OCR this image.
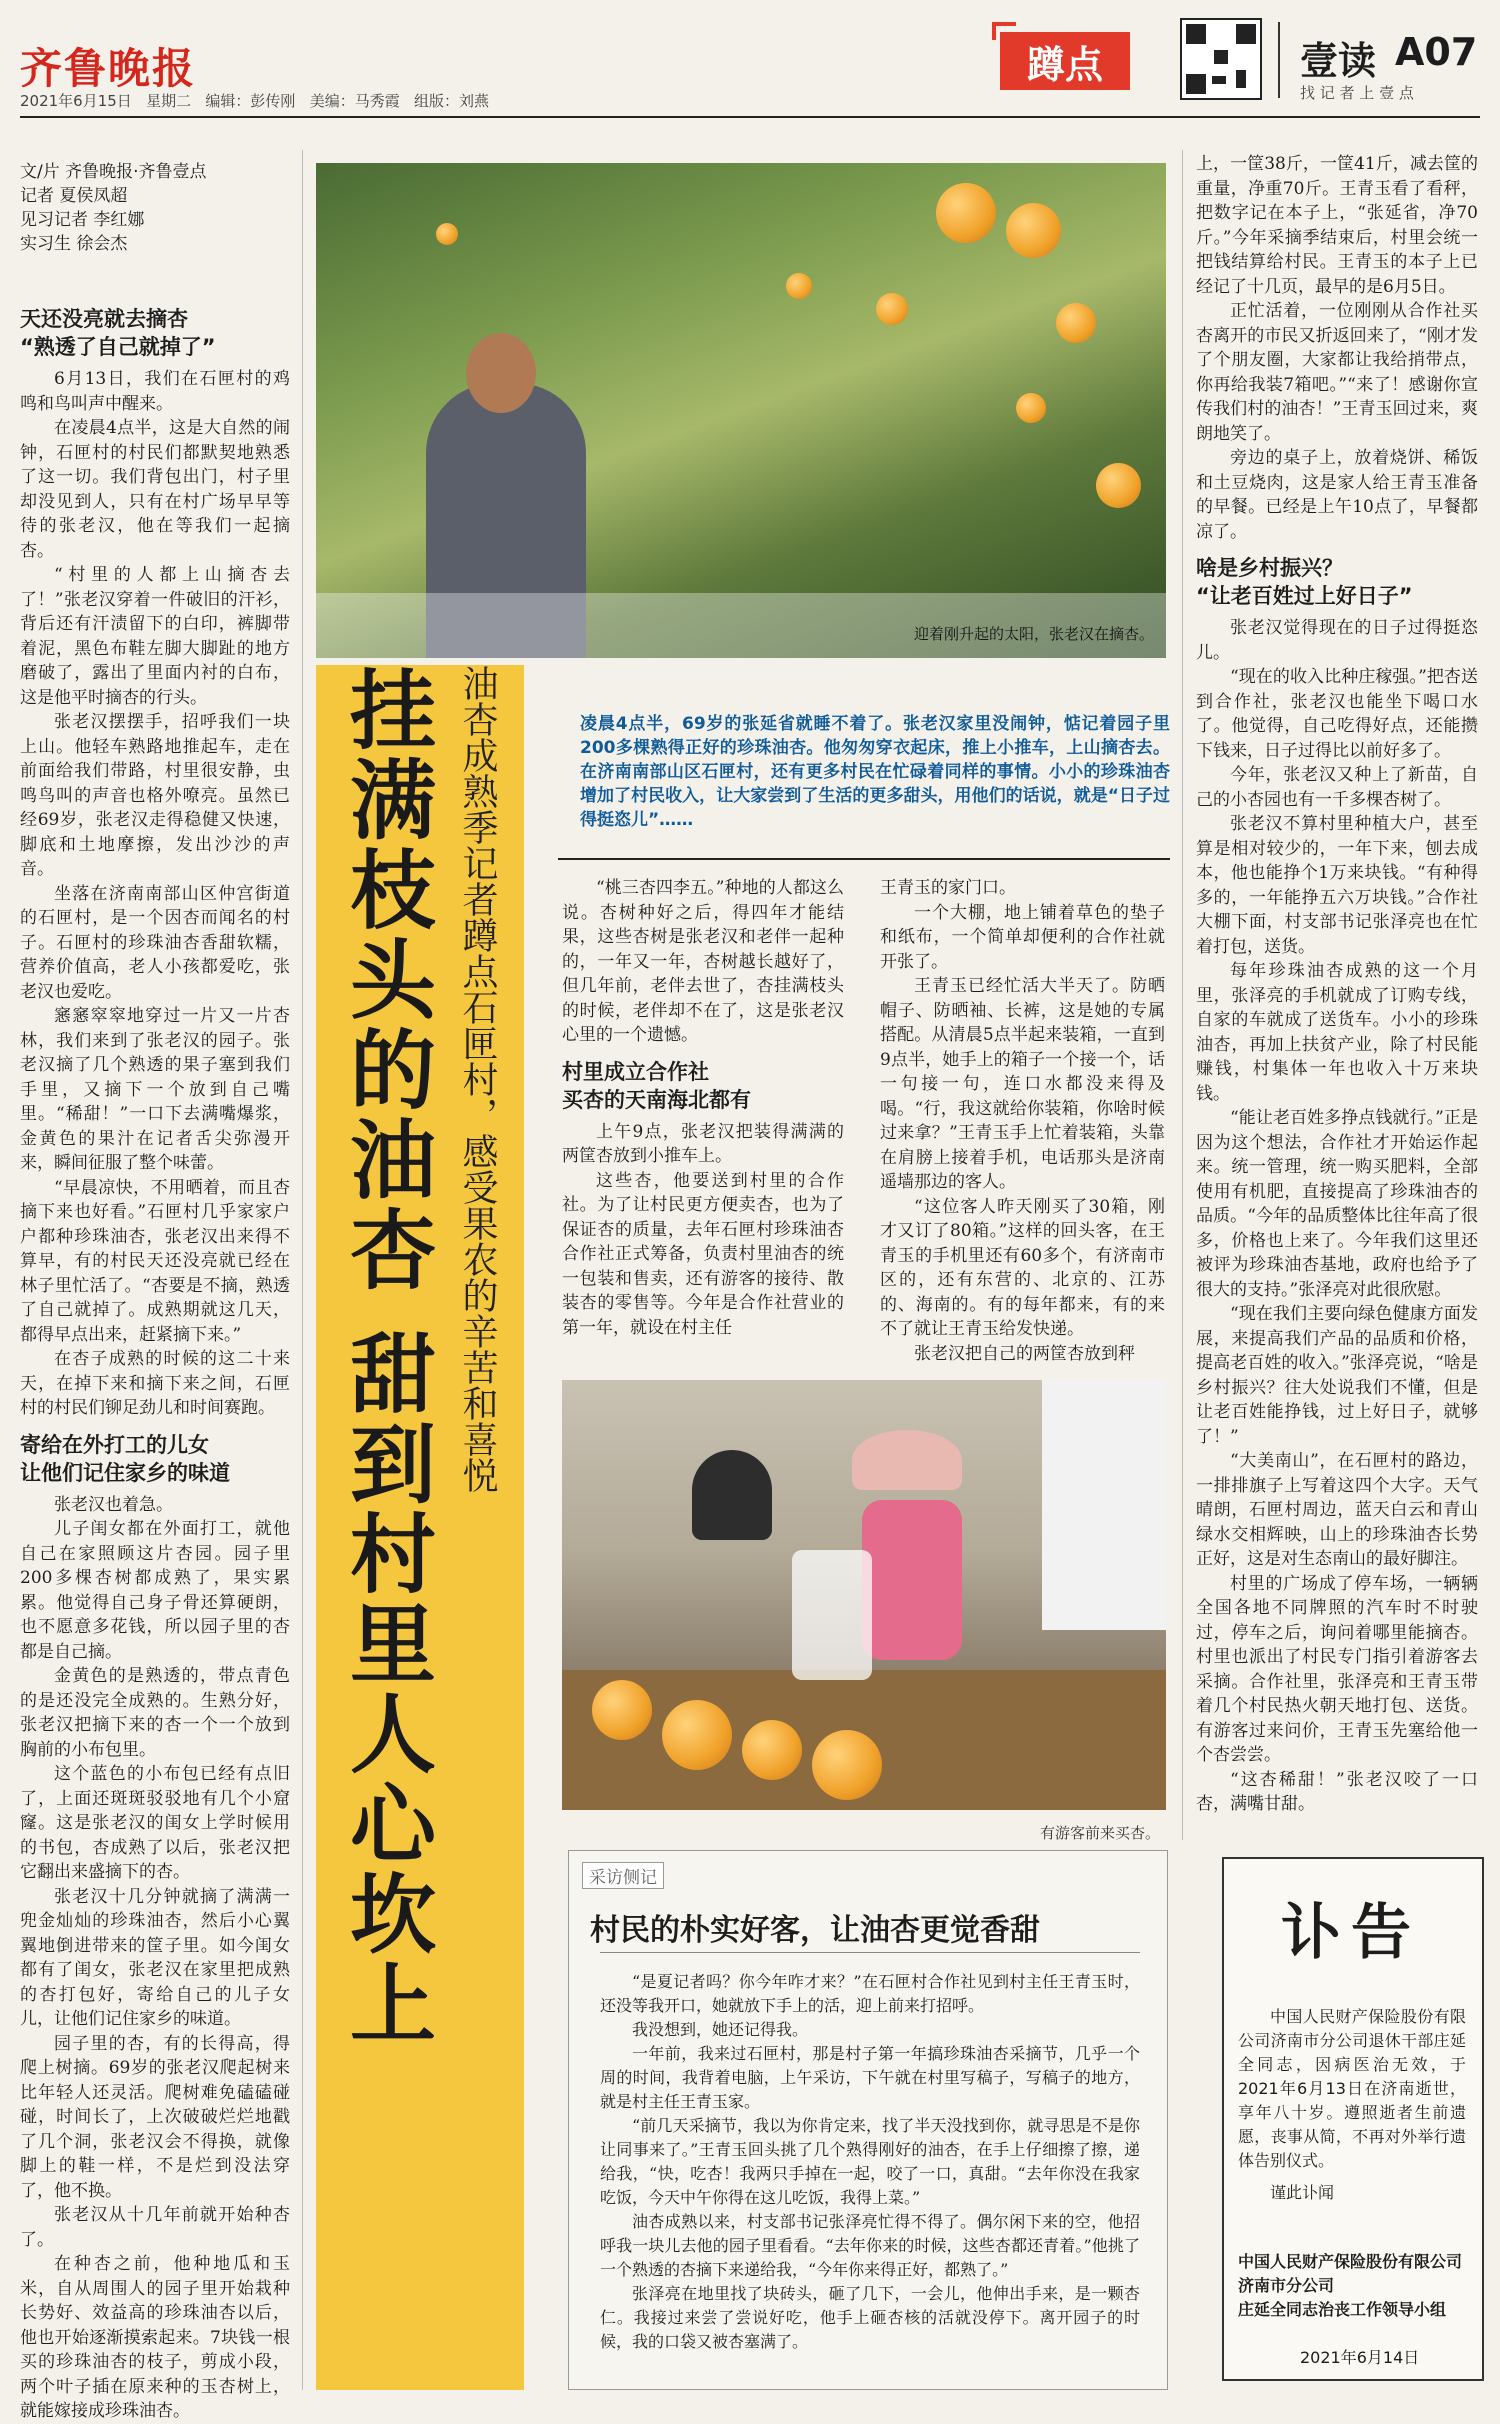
齐鲁晚报
2021年6月15日   星期二   编辑：彭传刚   美编：马秀霞   组版：刘燕
蹲点	壹读 A07
找 记 者 上 壹 点
文/片 齐鲁晚报·齐鲁壹点
记者 夏侯凤超
见习记者 李红娜
实习生 徐会杰
天还没亮就去摘杏
“熟透了自己就掉了”

6月13日，我们在石匣村的鸡鸣和鸟叫声中醒来。

在凌晨4点半，这是大自然的闹钟，石匣村的村民们都默契地熟悉了这一切。我们背包出门，村子里却没见到人，只有在村广场早早等待的张老汉，他在等我们一起摘杏。

“村里的人都上山摘杏去了！”张老汉穿着一件破旧的汗衫，背后还有汗渍留下的白印，裤脚带着泥，黑色布鞋左脚大脚趾的地方磨破了，露出了里面内衬的白布，这是他平时摘杏的行头。

张老汉摆摆手，招呼我们一块上山。他轻车熟路地推起车，走在前面给我们带路，村里很安静，虫鸣鸟叫的声音也格外嘹亮。虽然已经69岁，张老汉走得稳健又快速，脚底和土地摩擦，发出沙沙的声音。

坐落在济南南部山区仲宫街道的石匣村，是一个因杏而闻名的村子。石匣村的珍珠油杏香甜软糯，营养价值高，老人小孩都爱吃，张老汉也爱吃。

窸窸窣窣地穿过一片又一片杏林，我们来到了张老汉的园子。张老汉摘了几个熟透的果子塞到我们手里，又摘下一个放到自己嘴里。“稀甜！”一口下去满嘴爆浆，金黄色的果汁在记者舌尖弥漫开来，瞬间征服了整个味蕾。

“早晨凉快，不用晒着，而且杏摘下来也好看。”石匣村几乎家家户户都种珍珠油杏，张老汉出来得不算早，有的村民天还没亮就已经在林子里忙活了。“杏要是不摘，熟透了自己就掉了。成熟期就这几天，都得早点出来，赶紧摘下来。”

在杏子成熟的时候的这二十来天，在掉下来和摘下来之间，石匣村的村民们铆足劲儿和时间赛跑。

寄给在外打工的儿女
让他们记住家乡的味道

张老汉也着急。

儿子闺女都在外面打工，就他自己在家照顾这片杏园。园子里200多棵杏树都成熟了，果实累累。他觉得自己身子骨还算硬朗，也不愿意多花钱，所以园子里的杏都是自己摘。

金黄色的是熟透的，带点青色的是还没完全成熟的。生熟分好，张老汉把摘下来的杏一个一个放到胸前的小布包里。

这个蓝色的小布包已经有点旧了，上面还斑斑驳驳地有几个小窟窿。这是张老汉的闺女上学时候用的书包，杏成熟了以后，张老汉把它翻出来盛摘下的杏。

张老汉十几分钟就摘了满满一兜金灿灿的珍珠油杏，然后小心翼翼地倒进带来的筐子里。如今闺女都有了闺女，张老汉在家里把成熟的杏打包好，寄给自己的儿子女儿，让他们记住家乡的味道。

园子里的杏，有的长得高，得爬上树摘。69岁的张老汉爬起树来比年轻人还灵活。爬树难免磕磕碰碰，时间长了，上次破破烂烂地戳了几个洞，张老汉会不得换，就像脚上的鞋一样，不是烂到没法穿了，他不换。

张老汉从十几年前就开始种杏了。

在种杏之前，他种地瓜和玉米，自从周围人的园子里开始栽种长势好、效益高的珍珠油杏以后，他也开始逐渐摸索起来。7块钱一根买的珍珠油杏的枝子，剪成小段，两个叶子插在原来种的玉杏树上，就能嫁接成珍珠油杏。

迎着刚升起的太阳，张老汉在摘杏。
挂满枝头的油杏 甜到村里人心坎上 油杏成熟季记者蹲点石匣村，感受果农的辛苦和喜悦	凌晨4点半，69岁的张延省就睡不着了。张老汉家里没闹钟，惦记着园子里200多棵熟得正好的珍珠油杏。他匆匆穿衣起床，推上小推车，上山摘杏去。在济南南部山区石匣村，还有更多村民在忙碌着同样的事情。小小的珍珠油杏增加了村民收入，让大家尝到了生活的更多甜头，用他们的话说，就是“日子过得挺恣儿”……

“桃三杏四李五。”种地的人都这么说。杏树种好之后，得四年才能结果，这些杏树是张老汉和老伴一起种的，一年又一年，杏树越长越好了，但几年前，老伴去世了，杏挂满枝头的时候，老伴却不在了，这是张老汉心里的一个遗憾。

村里成立合作社
买杏的天南海北都有

上午9点，张老汉把装得满满的两筐杏放到小推车上。

这些杏，他要送到村里的合作社。为了让村民更方便卖杏，也为了保证杏的质量，去年石匣村珍珠油杏合作社正式筹备，负责村里油杏的统一包装和售卖，还有游客的接待、散装杏的零售等。今年是合作社营业的第一年，就设在村主任

王青玉的家门口。

一个大棚，地上铺着草色的垫子和纸布，一个简单却便利的合作社就开张了。

王青玉已经忙活大半天了。防晒帽子、防晒袖、长裤，这是她的专属搭配。从清晨5点半起来装箱，一直到9点半，她手上的箱子一个接一个，话一句接一句，连口水都没来得及喝。“行，我这就给你装箱，你啥时候过来拿？”王青玉手上忙着装箱，头靠在肩膀上接着手机，电话那头是济南遥墙那边的客人。

“这位客人昨天刚买了30箱，刚才又订了80箱。”这样的回头客，在王青玉的手机里还有60多个，有济南市区的，还有东营的、北京的、江苏的、海南的。有的每年都来，有的来不了就让王青玉给发快递。

张老汉把自己的两筐杏放到秤

有游客前来买杏。

上，一筐38斤，一筐41斤，减去筐的重量，净重70斤。王青玉看了看秤，把数字记在本子上，“张延省，净70斤。”今年采摘季结束后，村里会统一把钱结算给村民。王青玉的本子上已经记了十几页，最早的是6月5日。

正忙活着，一位刚刚从合作社买杏离开的市民又折返回来了，“刚才发了个朋友圈，大家都让我给捎带点，你再给我装7箱吧。”“来了！感谢你宣传我们村的油杏！”王青玉回过来，爽朗地笑了。

旁边的桌子上，放着烧饼、稀饭和土豆烧肉，这是家人给王青玉准备的早餐。已经是上午10点了，早餐都凉了。

啥是乡村振兴？
“让老百姓过上好日子”

张老汉觉得现在的日子过得挺恣儿。

“现在的收入比种庄稼强。”把杏送到合作社，张老汉也能坐下喝口水了。他觉得，自己吃得好点，还能攒下钱来，日子过得比以前好多了。

今年，张老汉又种上了新苗，自己的小杏园也有一千多棵杏树了。

张老汉不算村里种植大户，甚至算是相对较少的，一年下来，刨去成本，他也能挣个1万来块钱。“有种得多的，一年能挣五六万块钱。”合作社大棚下面，村支部书记张泽亮也在忙着打包，送货。

每年珍珠油杏成熟的这一个月里，张泽亮的手机就成了订购专线，自家的车就成了送货车。小小的珍珠油杏，再加上扶贫产业，除了村民能赚钱，村集体一年也收入十万来块钱。

“能让老百姓多挣点钱就行。”正是因为这个想法，合作社才开始运作起来。统一管理，统一购买肥料，全部使用有机肥，直接提高了珍珠油杏的品质。“今年的品质整体比往年高了很多，价格也上来了。今年我们这里还被评为珍珠油杏基地，政府也给予了很大的支持。”张泽亮对此很欣慰。

“现在我们主要向绿色健康方面发展，来提高我们产品的品质和价格，提高老百姓的收入。”张泽亮说，“啥是乡村振兴？往大处说我们不懂，但是让老百姓能挣钱，过上好日子，就够了！”

“大美南山”，在石匣村的路边，一排排旗子上写着这四个大字。天气晴朗，石匣村周边，蓝天白云和青山绿水交相辉映，山上的珍珠油杏长势正好，这是对生态南山的最好脚注。

村里的广场成了停车场，一辆辆全国各地不同牌照的汽车时不时驶过，停车之后，询问着哪里能摘杏。村里也派出了村民专门指引着游客去采摘。合作社里，张泽亮和王青玉带着几个村民热火朝天地打包、送货。有游客过来问价，王青玉先塞给他一个杏尝尝。

“这杏稀甜！”张老汉咬了一口杏，满嘴甘甜。

采访侧记
村民的朴实好客，让油杏更觉香甜

“是夏记者吗？你今年咋才来？”在石匣村合作社见到村主任王青玉时，还没等我开口，她就放下手上的活，迎上前来打招呼。

我没想到，她还记得我。

一年前，我来过石匣村，那是村子第一年搞珍珠油杏采摘节，几乎一个周的时间，我背着电脑，上午采访，下午就在村里写稿子，写稿子的地方，就是村主任王青玉家。

“前几天采摘节，我以为你肯定来，找了半天没找到你，就寻思是不是你让同事来了。”王青玉回头挑了几个熟得刚好的油杏，在手上仔细擦了擦，递给我，“快，吃杏！我两只手掉在一起，咬了一口，真甜。“去年你没在我家吃饭，今天中午你得在这儿吃饭，我得上菜。”

油杏成熟以来，村支部书记张泽亮忙得不得了。偶尔闲下来的空，他招呼我一块儿去他的园子里看看。“去年你来的时候，这些杏都还青着。”他挑了一个熟透的杏摘下来递给我，“今年你来得正好，都熟了。”

张泽亮在地里找了块砖头，砸了几下，一会儿，他伸出手来，是一颗杏仁。我接过来尝了尝说好吃，他手上砸杏核的活就没停下。离开园子的时候，我的口袋又被杏塞满了。

讣告

中国人民财产保险股份有限公司济南市分公司退休干部庄延全同志，因病医治无效，于2021年6月13日在济南逝世，享年八十岁。遵照逝者生前遗愿，丧事从简，不再对外举行遗体告别仪式。

谨此讣闻

中国人民财产保险股份有限公司济南市分公司
庄延全同志治丧工作领导小组
2021年6月14日
